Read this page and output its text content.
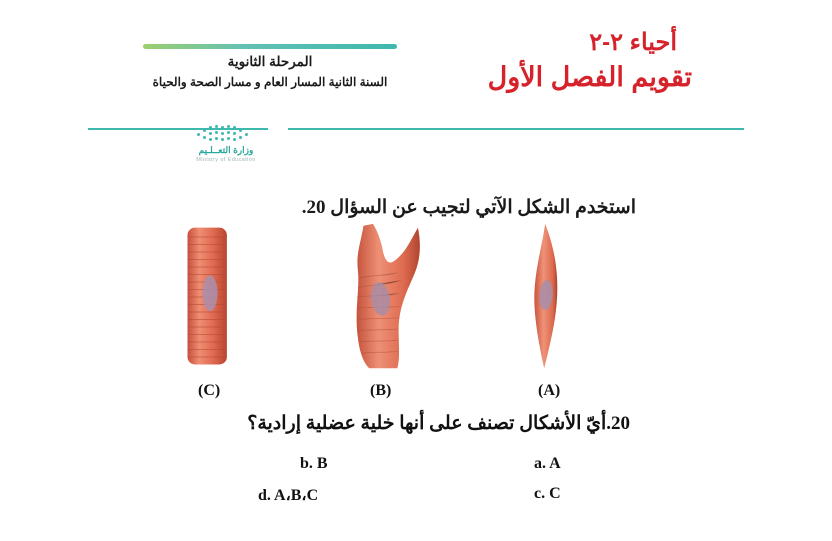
المرحلة الثانوية
السنة الثانية المسار العام و مسار الصحة والحياة
أحياء ٢-٢
تقويم الفصل الأول
وزارة التعــلـيم
Ministry of Education
استخدم الشكل الآتي لتجيب عن السؤال 20.
(C)	(B)	(A)
20.أيّ الأشكال تصنف على أنها خلية عضلية إرادية؟
a. A
b. B
c. C
d. A،B،C
